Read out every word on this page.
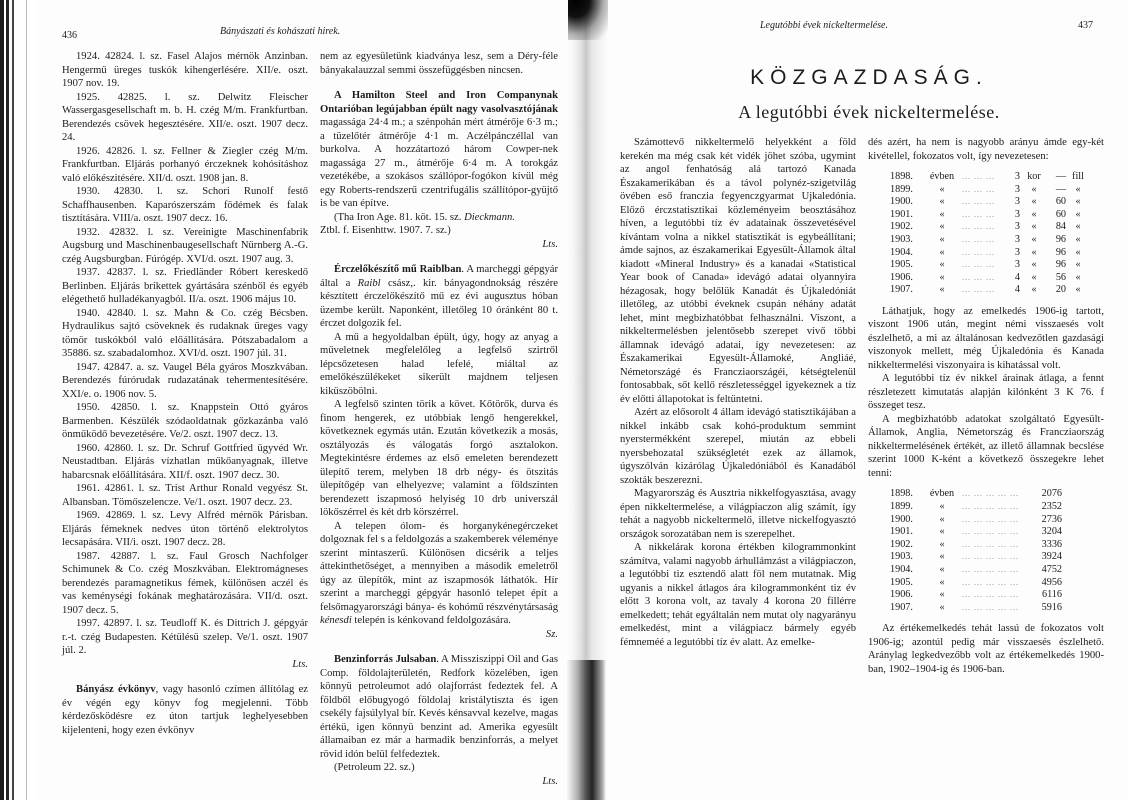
436	Bányászati és kohászati hirek.

1924. 42824. l. sz. Fasel Alajos mérnök Anzinban. Hengermű üreges tuskók kihengerlésére. XII/e. oszt. 1907 nov. 19.

1925. 42825. l. sz. Delwitz Fleischer Wassergasgesellschaft m. b. H. czég M/m. Frankfurtban. Berendezés csövek hegesztésére. XII/e. oszt. 1907 decz. 24.

1926. 42826. l. sz. Fellner & Ziegler czég M/m. Frankfurtban. Eljárás porhanyó érczeknek kohósításhoz való előkészitésére. XII/d. oszt. 1908 jan. 8.

1930. 42830. l. sz. Schori Runolf festő Schaffhausenben. Kaparószerszám födémek és falak tisztítására. VIII/a. oszt. 1907 decz. 16.

1932. 42832. l. sz. Vereinigte Maschinenfabrik Augsburg und Maschinenbaugesellschaft Nürnberg A.-G. czég Augsburgban. Fúrógép. XVI/d. oszt. 1907 aug. 3.

1937. 42837. l. sz. Friedländer Róbert kereskedő Berlinben. Eljárás brikettek gyártására szénből és egyéb elégethető hulladékanyagból. II/a. oszt. 1906 május 10.

1940. 42840. l. sz. Mahn & Co. czég Bécsben. Hydraulikus sajtó csöveknek és rudaknak üreges vagy tömör tuskókból való előállítására. Pótszabadalom a 35886. sz. szabadalomhoz. XVI/d. oszt. 1907 júl. 31.

1947. 42847. a. sz. Vaugel Béla gyáros Moszkvában. Berendezés fúrórudak rudazatának tehermentesítésére. XXI/e. o. 1906 nov. 5.

1950. 42850. l. sz. Knappstein Ottó gyáros Barmenben. Készülék szódaoldatnak gőzkazánba való önműködő bevezetésére. Ve/2. oszt. 1907 decz. 13.

1960. 42860. l. sz. Dr. Schruf Gottfried ügyvéd Wr. Neustadtban. Eljárás vízhatlan műkőanyagnak, illetve habarcsnak előállítására. XII/f. oszt. 1907 decz. 30.

1961. 42861. l. sz. Trist Arthur Ronald vegyész St. Albansban. Tömőszelencze. Ve/1. oszt. 1907 decz. 23.

1969. 42869. l. sz. Levy Alfréd mérnök Párisban. Eljárás fémeknek nedves úton történő elektrolytos lecsapására. VII/i. oszt. 1907 decz. 28.

1987. 42887. l. sz. Faul Grosch Nachfolger Schimunek & Co. czég Moszkvában. Elektromágneses berendezés paramagnetikus fémek, különösen aczél és vas keménységi fokának meghatározására. VII/d. oszt. 1907 decz. 5.

1997. 42897. l. sz. Teudloff K. és Dittrich J. gépgyár r.-t. czég Budapesten. Kétülésü szelep. Ve/1. oszt. 1907 júl. 2.

Lts.

Bányász évkönyv, vagy hasonló czímen állítólag ez év végén egy könyv fog megjelenni. Több kérdezősködésre ez úton tartjuk leghelyesebben kijelenteni, hogy ezen évkönyv

nem az egyesületünk kiadványa lesz, sem a Déry-féle bányakalauzzal semmi összefüggésben nincsen.

A Hamilton Steel and Iron Companynak Ontarióban legújabban épült nagy vasolvasztójának magassága 24·4 m.; a szénpohán mért átmérője 6·3 m.; a tüzelőtér átmérője 4·1 m. Aczélpánczéllal van burkolva. A hozzátartozó három Cowper-nek magassága 27 m., átmérője 6·4 m. A torokgáz vezetékébe, a szokásos szállópor-fogókon kívül még egy Roberts-rendszerű czentrifugális szállítópor-gyüjtő is be van építve.

(Tha Iron Age. 81. köt. 15. sz. Dieckmann.

Ztbl. f. Eisenhttw. 1907. 7. sz.)

Lts.

Érczelőkészítő mű Raiblban. A marcheggi gépgyár által a Raibl csász,. kir. bányagondnokság részére késztített érczelőkészítő mű ez évi augusztus hóban üzembe került. Naponként, illetőleg 10 óránként 80 t. érczet dolgozik fel.

A mű a hegyoldalban épült, úgy, hogy az anyag a műveletnek megfelelőleg a legfelső szirtről lépcsőzetesen halad lefelé, miáltal az emelőkészülékeket sikerült majdnem teljesen kiküszöbölni.

A legfelső szinten törik a követ. Kőtörők, durva és finom hengerek, ez utóbbiak lengő hengerekkel, következnek egymás után. Ezután következik a mosás, osztályozás és válogatás forgó asztalokon. Megtekintésre érdemes az első emeleten berendezett ülepítő terem, melyben 18 drb négy- és ötszitás ülepítőgép van elhelyezve; valamint a földszinten berendezett iszapmosó helyiség 10 drb universzál lökőszérrel és két drb körszérrel.

A telepen ólom- és horganykénegérczeket dolgoznak fel s a feldolgozás a szakemberek véleménye szerint mintaszerű. Különösen dicsérik a teljes áttekinthetőséget, a mennyiben a második emeletről úgy az ülepítők, mint az iszapmosók láthatók. Hír szerint a marcheggi gépgyár hasonló telepet épít a felsőmagyarországi bánya- és kohómű részvénytársaság kénesdi telepén is kénkovand feldolgozására.

Sz.

Benzinforrás Julsaban. A Missziszippi Oil and Gas Comp. földolajterületén, Redfork közelében, igen könnyü petroleumot adó olajforrást fedeztek fel. A földből előbugyogó földolaj kristálytiszta és igen csekély fajsúlylyal bír. Kevés kénsavval kezelve, magas értékü, igen könnyü benzint ad. Amerika egyesült államaiban ez már a harmadik benzinforrás, a melyet rövid idón belül felfedeztek.

(Petroleum 22. sz.)

Lts.

Legutóbbi évek nickeltermelése.	437
KÖZGAZDASÁG.
A legutóbbi évek nickeltermelése.

Számottevő nikkeltermelő helyekként a föld kerekén ma még csak két vidék jöhet szóba, ugymint az angol fenhatóság alá tartozó Kanada Északamerikában és a távol polynéz-szigetvilág övében eső franczia fegyenczgyarmat Ujkaledónia. Előző érczstatisztikai közleményeim beosztásához híven, a legutóbbi tíz év adatainak összevetésével kívántam volna a nikkel statisztikát is egybeállítani; ámde sajnos, az északamerikai Egyesült-Államok által kiadott «Mineral Industry» és a kanadai «Statistical Year book of Canada» idevágó adatai olyannyira hézagosak, hogy belőlük Kanadát és Újkaledóniát illetőleg, az utóbbi éveknek csupán néhány adatát lehet, mint megbizhatóbbat felhasználni. Viszont, a nikkeltermelésben jelentősebb szerepet vivő többi államnak idevágó adatai, így nevezetesen: az Északamerikai Egyesült-Államoké, Angliáé, Németországé és Francziaországéi, kétségtelenül fontosabbak, sőt kellő részletességgel igyekeznek a tíz év előtti állapotokat is feltüntetni.

Azért az elősorolt 4 állam idevágó statisztikájában a nikkel inkább csak kohó-produktum semmint nyerstermékként szerepel, miután az ebbeli nyersbehozatal szükségletét ezek az államok, úgyszólván kizárólag Újkaledóniából és Kanadából szokták beszerezni.

Magyarország és Ausztria nikkelfogyasztása, avagy épen nikkeltermelése, a világpiaczon alig számít, így tehát a nagyobb nickeltermelő, illetve nickelfogyasztó országok sorozatában nem is szerepelhet.

A nikkelárak korona értékben kilogrammonkint számítva, valami nagyobb árhullámzást a világpiaczon, a legutóbbi tiz esztendő alatt föl nem mutatnak. Mig ugyanis a nikkel átlagos ára kilogrammonként tiz év előtt 3 korona volt, az tavaly 4 korona 20 fillérre emelkedett; tehát egyáltalán nem mutat oly nagyarányu emelkedést, mint a világpiacz bármely egyéb fémneméé a legutóbbi tíz év alatt. Az emelke-

dés azért, ha nem is nagyobb arányu ámde egy-két kivétellel, fokozatos volt, így nevezetesen:

1898.	évben	... ... ...	3	kor	—	fill
1899.	«	... ... ...	3	«	—	«
1900.	«	... ... ...	3	«	60	«
1901.	«	... ... ...	3	«	60	«
1902.	«	... ... ...	3	«	84	«
1903.	«	... ... ...	3	«	96	«
1904.	«	... ... ...	3	«	96	«
1905.	«	... ... ...	3	«	96	«
1906.	«	... ... ...	4	«	56	«
1907.	«	... ... ...	4	«	20	«

Láthatjuk, hogy az emelkedés 1906-ig tartott, viszont 1906 után, megint némi visszaesés volt észlelhető, a mi az általánosan kedvezőtlen gazdasági viszonyok mellett, még Újkaledónia és Kanada nikkeltermelési viszonyaira is kihatással volt.

A legutóbbi tíz év nikkel árainak átlaga, a fennt részletezett kimutatás alapján kilónként 3 K 76. f összeget tesz.

A megbizhatóbb adatokat szolgáltató Egyesült-Államok, Anglia, Németország és Francziaország nikkeltermelésének értékét, az illető államnak becslése szerint 1000 K-ként a következő összegekre lehet tenni:

1898.	évben	... ... ... ... ...	2076
1899.	«	... ... ... ... ...	2352
1900.	«	... ... ... ... ...	2736
1901.	«	... ... ... ... ...	3204
1902.	«	... ... ... ... ...	3336
1903.	«	... ... ... ... ...	3924
1904.	«	... ... ... ... ...	4752
1905.	«	... ... ... ... ...	4956
1906.	«	... ... ... ... ...	6116
1907.	«	... ... ... ... ...	5916

Az értékemelkedés tehát lassú de fokozatos volt 1906-ig; azontúl pedig már visszaesés észlelhető. Aránylag legkedvezőbb volt az értékemelkedés 1900-ban, 1902–1904-ig és 1906-ban.
